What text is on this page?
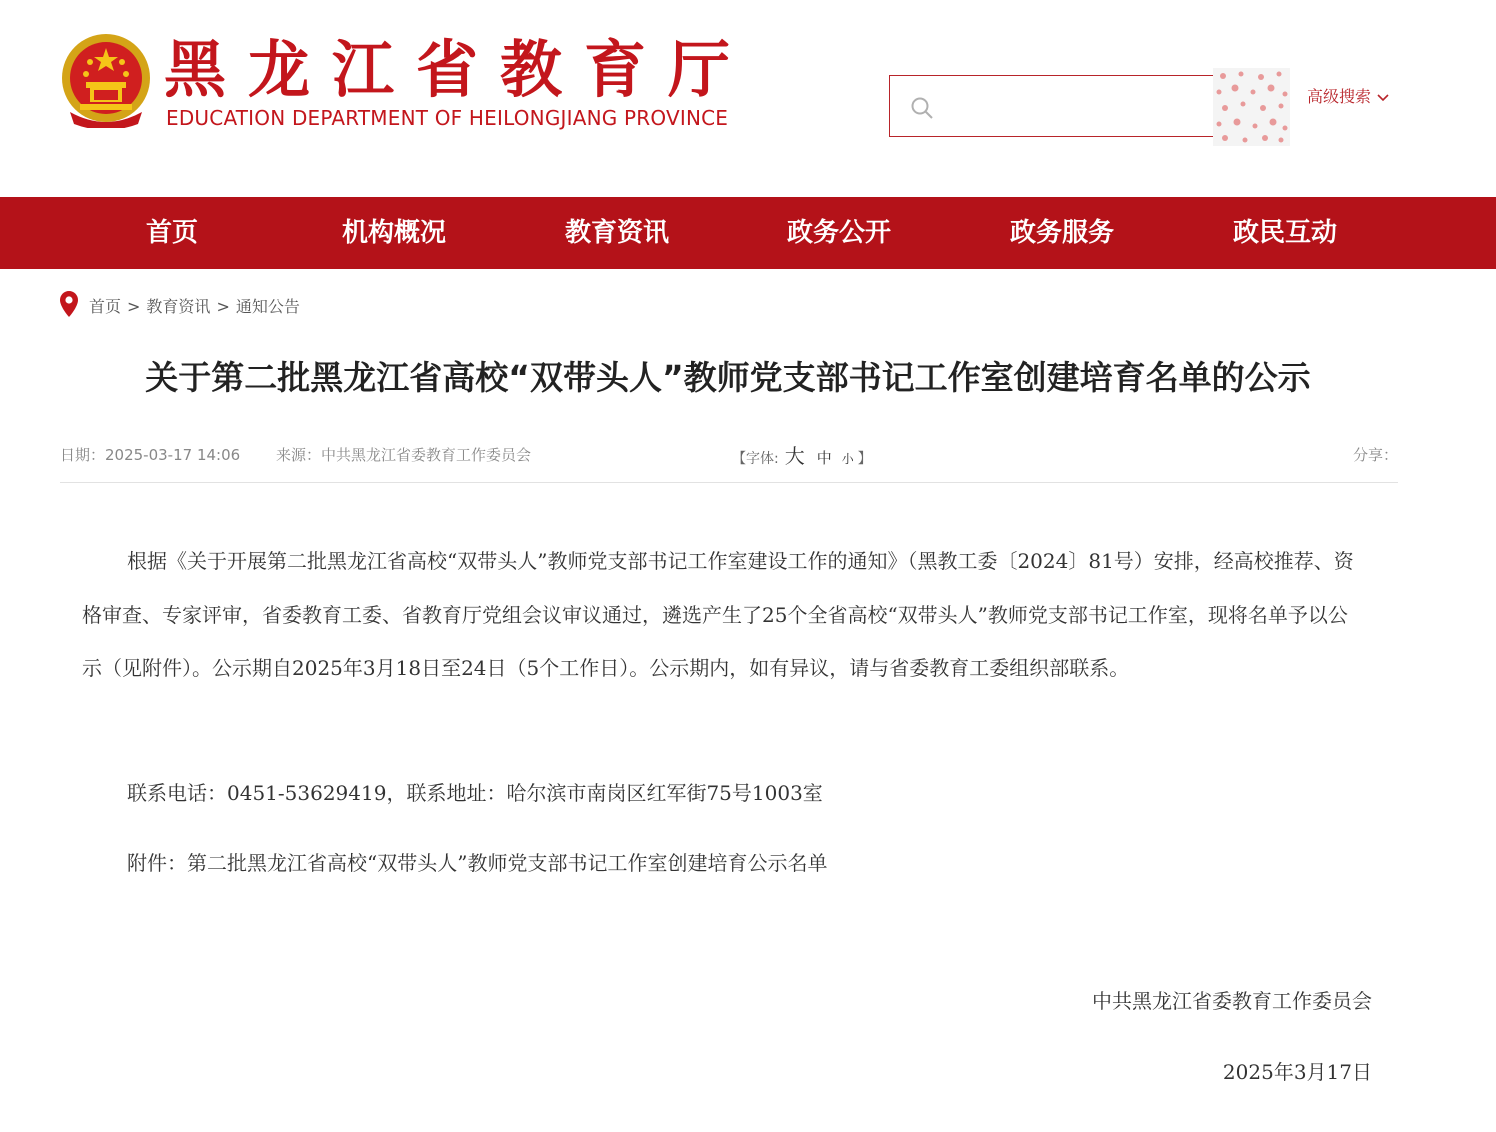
黑龙江省教育厅
EDUCATION DEPARTMENT OF HEILONGJIANG PROVINCE
高级搜索
首页	机构概况	教育资讯	政务公开	政务服务	政民互动
首页 > 教育资讯 > 通知公告
关于第二批黑龙江省高校“双带头人”教师党支部书记工作室创建培育名单的公示
日期：2025-03-17 14:06 来源：中共黑龙江省委教育工作委员会	【字体: 大 中 小 】	分享：

根据《关于开展第二批黑龙江省高校“双带头人”教师党支部书记工作室建设工作的通知》（黑教工委〔2024〕81号）安排，经高校推荐、资格审查、专家评审，省委教育工委、省教育厅党组会议审议通过，遴选产生了25个全省高校“双带头人”教师党支部书记工作室，现将名单予以公示（见附件）。公示期自2025年3月18日至24日（5个工作日）。公示期内，如有异议，请与省委教育工委组织部联系。

联系电话：0451-53629419，联系地址：哈尔滨市南岗区红军街75号1003室

附件：第二批黑龙江省高校“双带头人”教师党支部书记工作室创建培育公示名单

中共黑龙江省委教育工作委员会
2025年3月17日
